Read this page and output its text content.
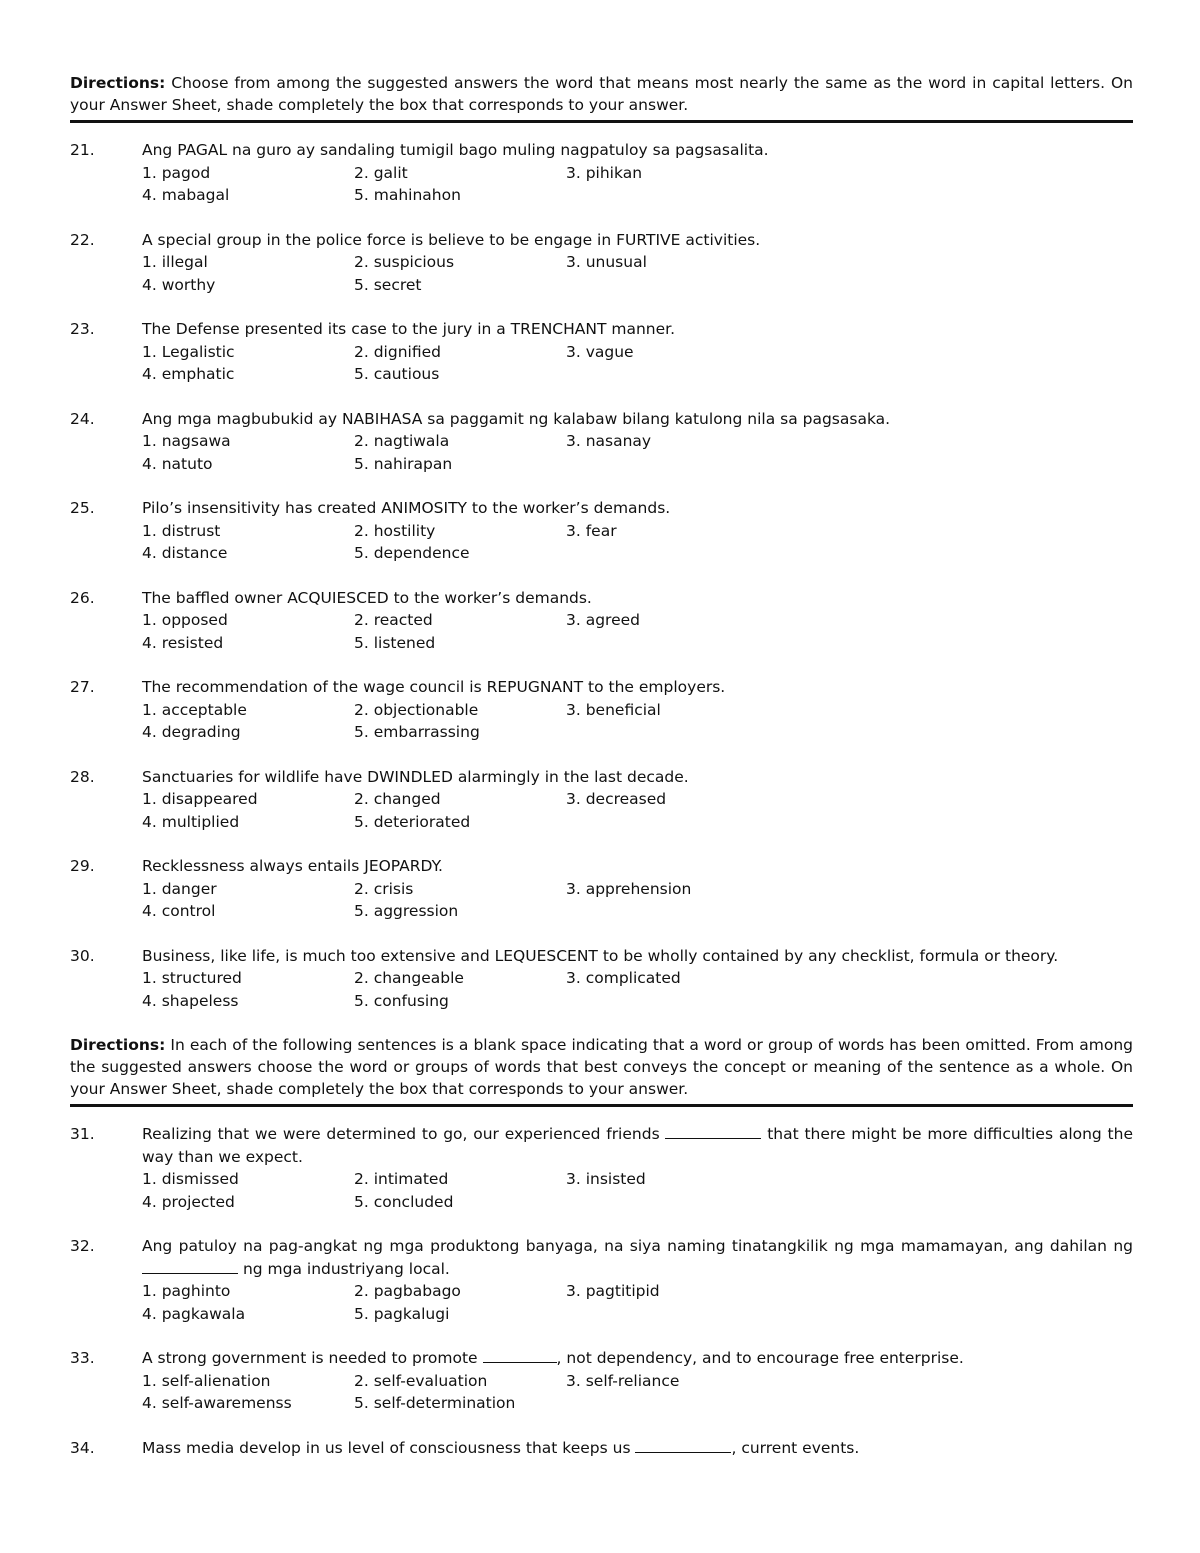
Directions: Choose from among the suggested answers the word that means most nearly the same as the word in capital letters. On your Answer Sheet, shade completely the box that corresponds to your answer.
21.	Ang PAGAL na guro ay sandaling tumigil bago muling nagpatuloy sa pagsasalita.
1. pagod	2. galit	3. pihikan
4. mabagal	5. mahinahon
22.	A special group in the police force is believe to be engage in FURTIVE activities.
1. illegal	2. suspicious	3. unusual
4. worthy	5. secret
23.	The Defense presented its case to the jury in a TRENCHANT manner.
1. Legalistic	2. dignified	3. vague
4. emphatic	5. cautious
24.	Ang mga magbubukid ay NABIHASA sa paggamit ng kalabaw bilang katulong nila sa pagsasaka.
1. nagsawa	2. nagtiwala	3. nasanay
4. natuto	5. nahirapan
25.	Pilo’s insensitivity has created ANIMOSITY to the worker’s demands.
1. distrust	2. hostility	3. fear
4. distance	5. dependence
26.	The baffled owner ACQUIESCED to the worker’s demands.
1. opposed	2. reacted	3. agreed
4. resisted	5. listened
27.	The recommendation of the wage council is REPUGNANT to the employers.
1. acceptable	2. objectionable	3. beneficial
4. degrading	5. embarrassing
28.	Sanctuaries for wildlife have DWINDLED alarmingly in the last decade.
1. disappeared	2. changed	3. decreased
4. multiplied	5. deteriorated
29.	Recklessness always entails JEOPARDY.
1. danger	2. crisis	3. apprehension
4. control	5. aggression
30.	Business, like life, is much too extensive and LEQUESCENT to be wholly contained by any checklist, formula or theory.
1. structured	2. changeable	3. complicated
4. shapeless	5. confusing
Directions: In each of the following sentences is a blank space indicating that a word or group of words has been omitted. From among the suggested answers choose the word or groups of words that best conveys the concept or meaning of the sentence as a whole. On your Answer Sheet, shade completely the box that corresponds to your answer.
31.	Realizing that we were determined to go, our experienced friends	that there might be more difficulties along the way than we expect.
1. dismissed	2. intimated	3. insisted
4. projected	5. concluded
32.	Ang patuloy na pag-angkat ng mga produktong banyaga, na siya naming tinatangkilik ng mga mamamayan, ang dahilan ng  ng mga industriyang local.
1. paghinto	2. pagbabago	3. pagtitipid
4. pagkawala	5. pagkalugi
33.	A strong government is needed to promote	, not dependency, and to encourage free enterprise.
1. self-alienation	2. self-evaluation	3. self-reliance
4. self-awaremenss	5. self-determination
34.	Mass media develop in us level of consciousness that keeps us	, current events.
